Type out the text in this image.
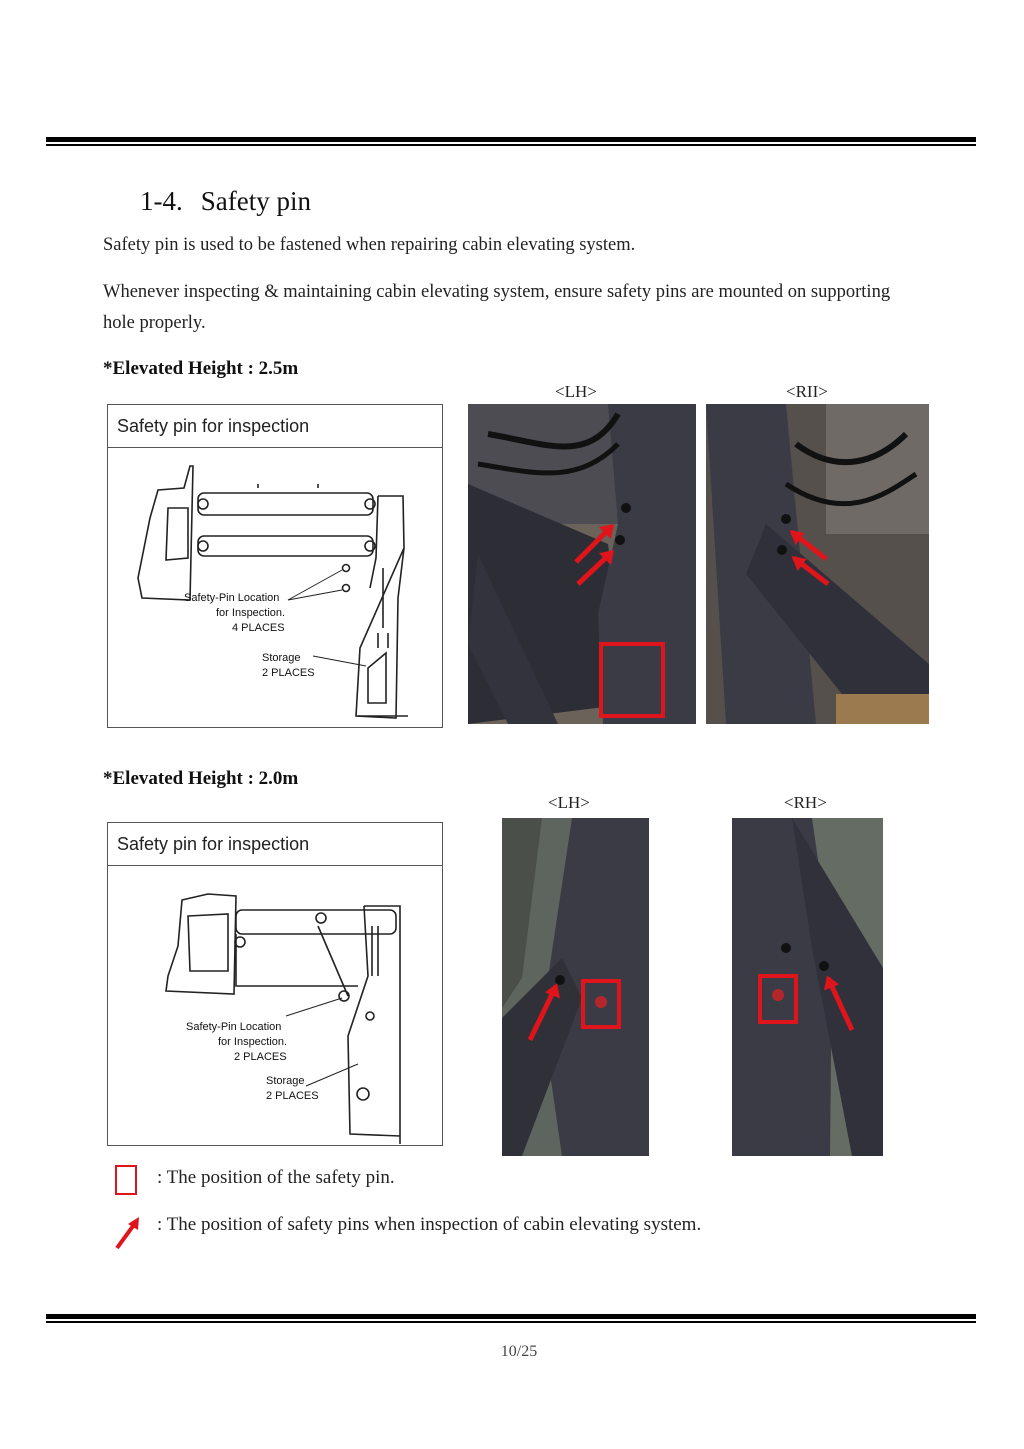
1-4. Safety pin
Safety pin is used to be fastened when repairing cabin elevating system.
Whenever inspecting & maintaining cabin elevating system, ensure safety pins are mounted on supporting hole properly.
*Elevated Height : 2.5m
Safety pin for inspection
Safety-Pin Location
for Inspection.
4 PLACES
Storage
2 PLACES
<LH>	<RII>
*Elevated Height : 2.0m
Safety pin for inspection
Safety-Pin Location
for Inspection.
2 PLACES
Storage
2 PLACES
<LH>	<RH>
: The position of the safety pin.
: The position of safety pins when inspection of cabin elevating system.
10/25
